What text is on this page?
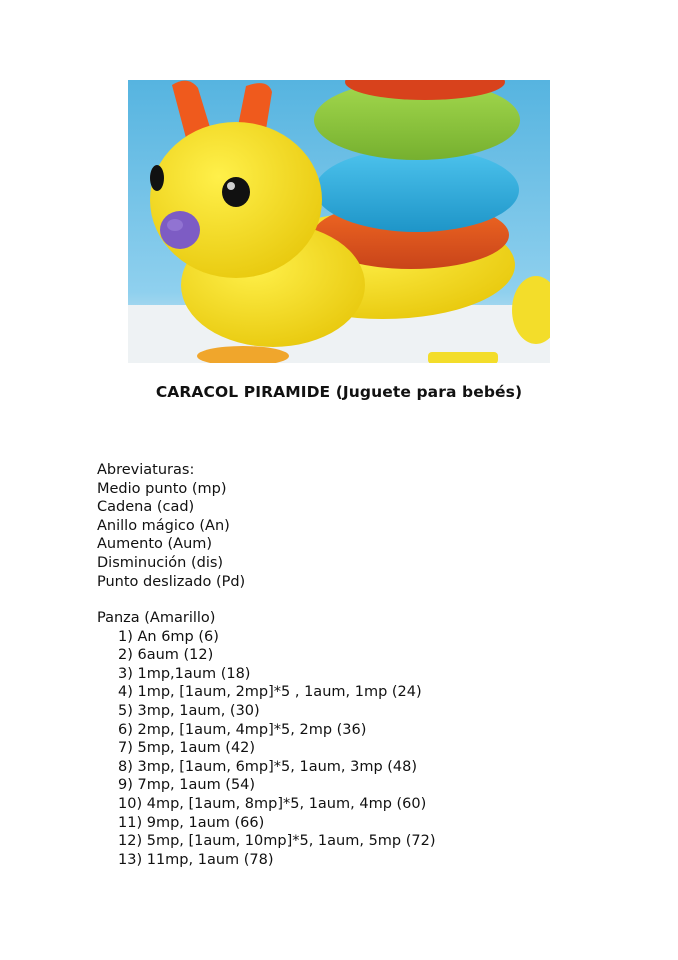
CARACOL PIRAMIDE (Juguete para bebés)
Abreviaturas:
Medio punto (mp)
Cadena (cad)
Anillo mágico (An)
Aumento (Aum)
Disminución (dis)
Punto deslizado (Pd)
Panza (Amarillo)
1) An 6mp (6)
2) 6aum (12)
3) 1mp,1aum (18)
4) 1mp, [1aum, 2mp]*5 , 1aum, 1mp (24)
5) 3mp, 1aum, (30)
6) 2mp, [1aum, 4mp]*5, 2mp (36)
7) 5mp, 1aum (42)
8) 3mp, [1aum, 6mp]*5, 1aum, 3mp (48)
9) 7mp, 1aum (54)
10) 4mp, [1aum, 8mp]*5, 1aum, 4mp (60)
11) 9mp, 1aum (66)
12) 5mp, [1aum, 10mp]*5, 1aum, 5mp (72)
13) 11mp, 1aum (78)
